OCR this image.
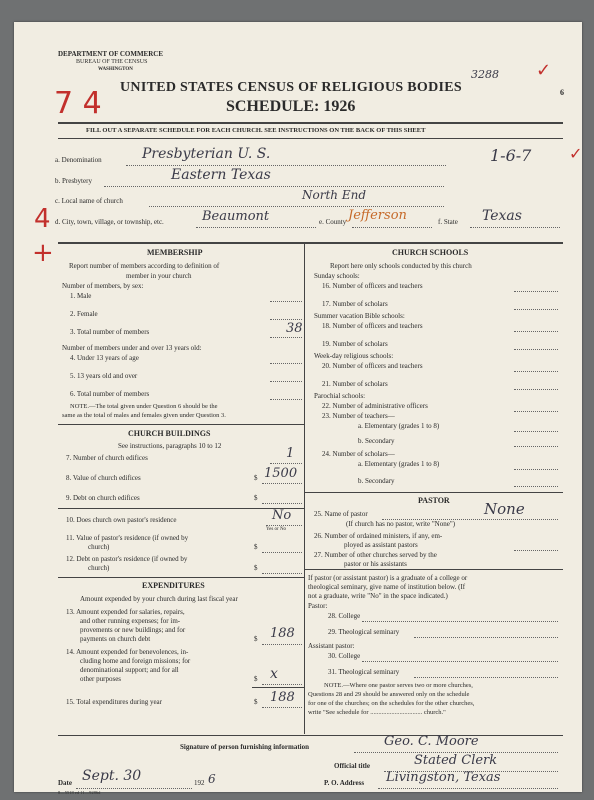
DEPARTMENT OF COMMERCE
BUREAU OF THE CENSUS
WASHINGTON	3288
6
✓
7 4 UNITED STATES CENSUS OF RELIGIOUS BODIES
SCHEDULE: 1926
FILL OUT A SEPARATE SCHEDULE FOR EACH CHURCH. SEE INSTRUCTIONS ON THE BACK OF THIS SHEET
a. Denomination	Presbyterian U. S.	1-6-7 ✓
b. Presbytery	Eastern Texas
c. Local name of church	North End
4 d. City, town, village, or township, etc.	Beaumont	e. County Jefferson	f. State Texas
MEMBERSHIP
Report number of members according to definition of
member in your church
Number of members, by sex:
1. Male
2. Female
3. Total number of members	38
Number of members under and over 13 years old:
4. Under 13 years of age
5. 13 years old and over
6. Total number of members
NOTE.—The total given under Question 6 should be the
same as the total of males and females given under Question 3.
CHURCH BUILDINGS
See instructions, paragraphs 10 to 12
7. Number of church edifices	1
8. Value of church edifices	$ 1500
9. Debt on church edifices	$
10. Does church own pastor's residence	No
Yes or No
11. Value of pastor's residence (if owned by
church)	$
12. Debt on pastor's residence (if owned by
church)	$
EXPENDITURES
Amount expended by your church during last fiscal year
13. Amount expended for salaries, repairs,
and other running expenses; for im-
provements or new buildings; and for
payments on church debt	$ 188
14. Amount expended for benevolences, in-
cluding home and foreign missions; for
denominational support; and for all
other purposes	$ x
15. Total expenditures during year	$ 188
CHURCH SCHOOLS
Report here only schools conducted by this church
Sunday schools:
16. Number of officers and teachers
17. Number of scholars
Summer vacation Bible schools:
18. Number of officers and teachers
19. Number of scholars
Week-day religious schools:
20. Number of officers and teachers
21. Number of scholars
Parochial schools:
22. Number of administrative officers
23. Number of teachers—
a. Elementary (grades 1 to 8)
b. Secondary
24. Number of scholars—
a. Elementary (grades 1 to 8)
b. Secondary
PASTOR
25. Name of pastor	None
(If church has no pastor, write "None")
26. Number of ordained ministers, if any, em-
ployed as assistant pastors
27. Number of other churches served by the
pastor or his assistants
If pastor (or assistant pastor) is a graduate of a college or
theological seminary, give name of institution below. (If
not a graduate, write "No" in the space indicated.)
Pastor:
28. College
29. Theological seminary
Assistant pastor:
30. College
31. Theological seminary
NOTE.—Where one pastor serves two or more churches,
Questions 28 and 29 should be answered only on the schedule
for one of the churches; on the schedules for the other churches,
write "See schedule for ................................ church."
Signature of person furnishing information	Geo. C. Moore
Official title	Stated Clerk
Date Sept. 30	192 6	P. O. Address Livingston, Texas
8—5518 ed 11—9286d
+
